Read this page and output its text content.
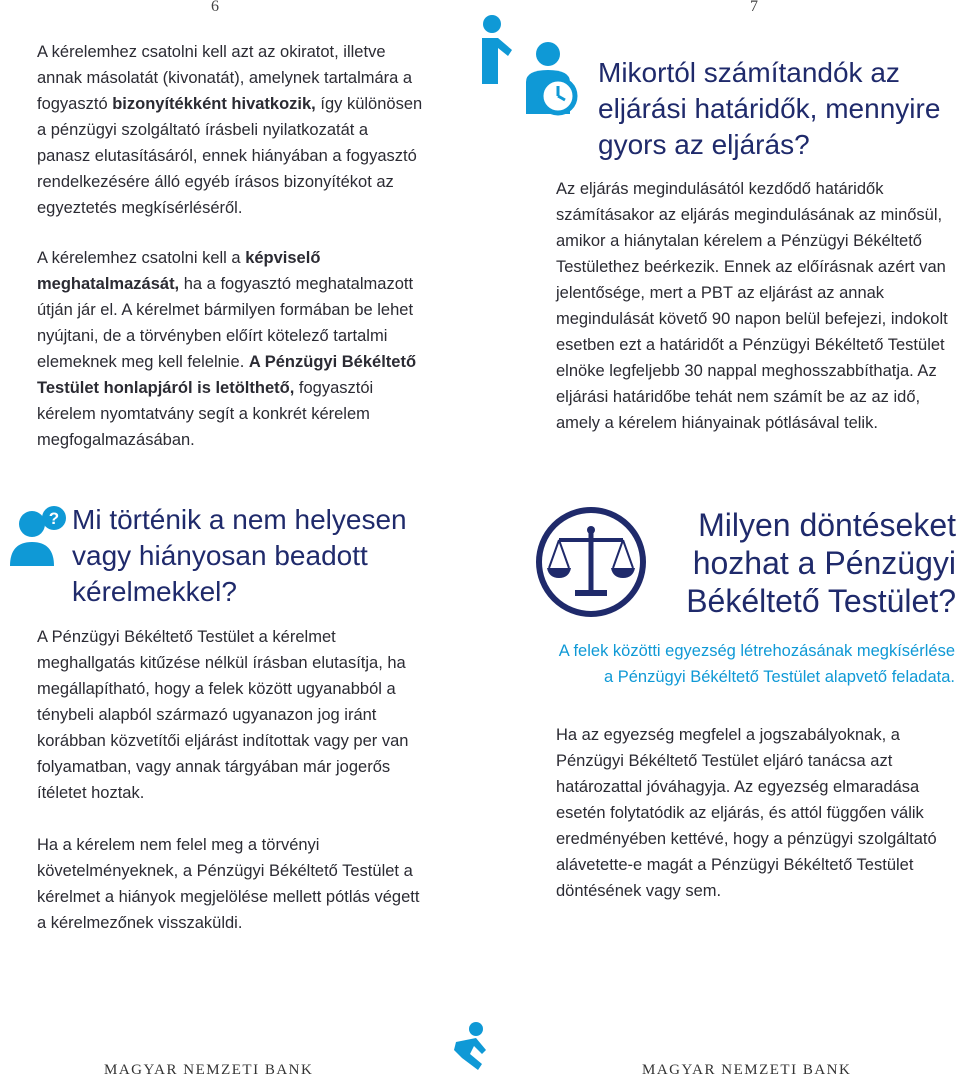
6

A kérelemhez csatolni kell azt az okiratot, illetve annak másolatát (kivonatát), amelynek tartalmára a fogyasztó bizonyítékként hivatkozik, így különösen a pénzügyi szolgáltató írásbeli nyilatkozatát a panasz elutasításáról, ennek hiányában a fogyasztó rendelkezésére álló egyéb írásos bizonyítékot az egyeztetés megkísérléséről.

A kérelemhez csatolni kell a képviselő meghatalmazását, ha a fogyasztó meghatalmazott útján jár el. A kérelmet bármilyen formában be lehet nyújtani, de a törvényben előírt kötelező tartalmi elemeknek meg kell felelnie. A Pénzügyi Békéltető Testület honlapjáról is letölthető, fogyasztói kérelem nyomtatvány segít a konkrét kérelem megfogalmazásában.

? Mi történik a nem helyesen vagy hiányosan beadott kérelmekkel?

A Pénzügyi Békéltető Testület a kérelmet meghallgatás kitűzése nélkül írásban elutasítja, ha megállapítható, hogy a felek között ugyanabból a ténybeli alapból származó ugyanazon jog iránt korábban közvetítői eljárást indítottak vagy per van folyamatban, vagy annak tárgyában már jogerős ítéletet hoztak.

Ha a kérelem nem felel meg a törvényi követelményeknek, a Pénzügyi Békéltető Testület a kérelmet a hiányok megjelölése mellett pótlás végett a kérelmezőnek visszaküldi.

MAGYAR NEMZETI BANK
7
Mikortól számítandók az eljárási határidők, mennyire gyors az eljárás?

Az eljárás megindulásától kezdődő határidők számításakor az eljárás megindulásának az minősül, amikor a hiánytalan kérelem a Pénzügyi Békéltető Testülethez beérkezik. Ennek az előírásnak azért van jelentősége, mert a PBT az eljárást az annak megindulását követő 90 napon belül befejezi, indokolt esetben ezt a határidőt a Pénzügyi Békéltető Testület elnöke legfeljebb 30 nappal meghosszabbíthatja. Az eljárási határidőbe tehát nem számít be az az idő, amely a kérelem hiányainak pótlásával telik.

Milyen döntéseket hozhat a Pénzügyi Békéltető Testület?

A felek közötti egyezség létrehozásának megkísérlése a Pénzügyi Békéltető Testület alapvető feladata.

Ha az egyezség megfelel a jogszabályoknak, a Pénzügyi Békéltető Testület eljáró tanácsa azt határozattal jóváhagyja. Az egyezség elmaradása esetén folytatódik az eljárás, és attól függően válik eredményében kettévé, hogy a pénzügyi szolgáltató alávetette-e magát a Pénzügyi Békéltető Testület döntésének vagy sem.

MAGYAR NEMZETI BANK
